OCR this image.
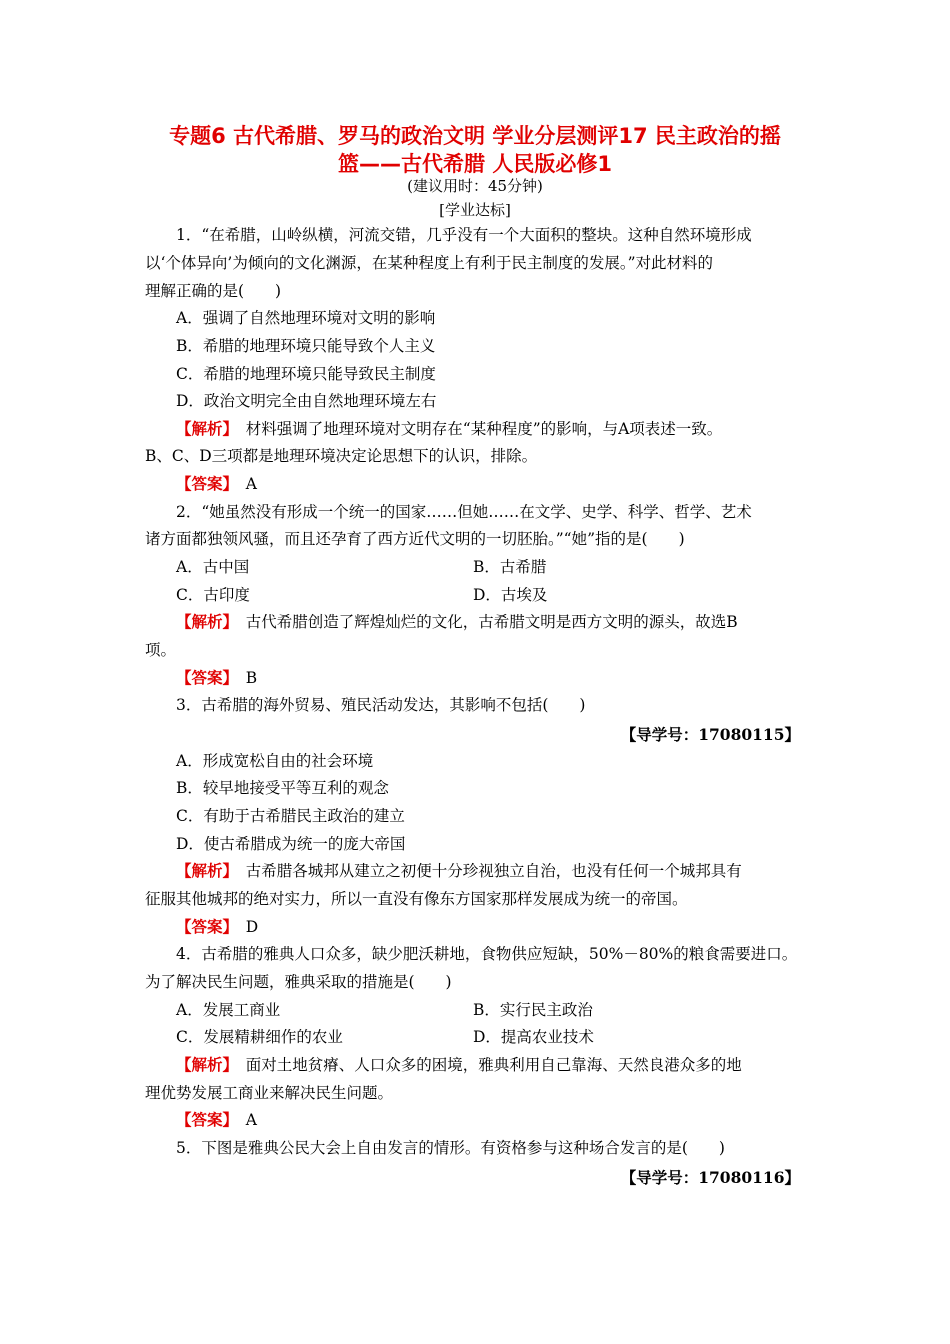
专题6 古代希腊、罗马的政治文明 学业分层测评17 民主政治的摇
篮——古代希腊 人民版必修1
(建议用时：45分钟)
[学业达标]
1．“在希腊，山岭纵横，河流交错，几乎没有一个大面积的整块。这种自然环境形成
以‘个体异向’为倾向的文化渊源，在某种程度上有利于民主制度的发展。”对此材料的
理解正确的是(　　)
A．强调了自然地理环境对文明的影响
B．希腊的地理环境只能导致个人主义
C．希腊的地理环境只能导致民主制度
D．政治文明完全由自然地理环境左右
【解析】　材料强调了地理环境对文明存在“某种程度”的影响，与A项表述一致。
B、C、D三项都是地理环境决定论思想下的认识，排除。
【答案】　A
2．“她虽然没有形成一个统一的国家……但她……在文学、史学、科学、哲学、艺术
诸方面都独领风骚，而且还孕育了西方近代文明的一切胚胎。”“她”指的是(　　)
A．古中国	B．古希腊
C．古印度	D．古埃及
【解析】　古代希腊创造了辉煌灿烂的文化，古希腊文明是西方文明的源头，故选B
项。
【答案】　B
3．古希腊的海外贸易、殖民活动发达，其影响不包括(　　)
【导学号：17080115】
A．形成宽松自由的社会环境
B．较早地接受平等互利的观念
C．有助于古希腊民主政治的建立
D．使古希腊成为统一的庞大帝国
【解析】　古希腊各城邦从建立之初便十分珍视独立自治，也没有任何一个城邦具有
征服其他城邦的绝对实力，所以一直没有像东方国家那样发展成为统一的帝国。
【答案】　D
4．古希腊的雅典人口众多，缺少肥沃耕地，食物供应短缺，50%－80%的粮食需要进口。
为了解决民生问题，雅典采取的措施是(　　)
A．发展工商业	B．实行民主政治
C．发展精耕细作的农业	D．提高农业技术
【解析】　面对土地贫瘠、人口众多的困境，雅典利用自己靠海、天然良港众多的地
理优势发展工商业来解决民生问题。
【答案】　A
5．下图是雅典公民大会上自由发言的情形。有资格参与这种场合发言的是(　　)
【导学号：17080116】
